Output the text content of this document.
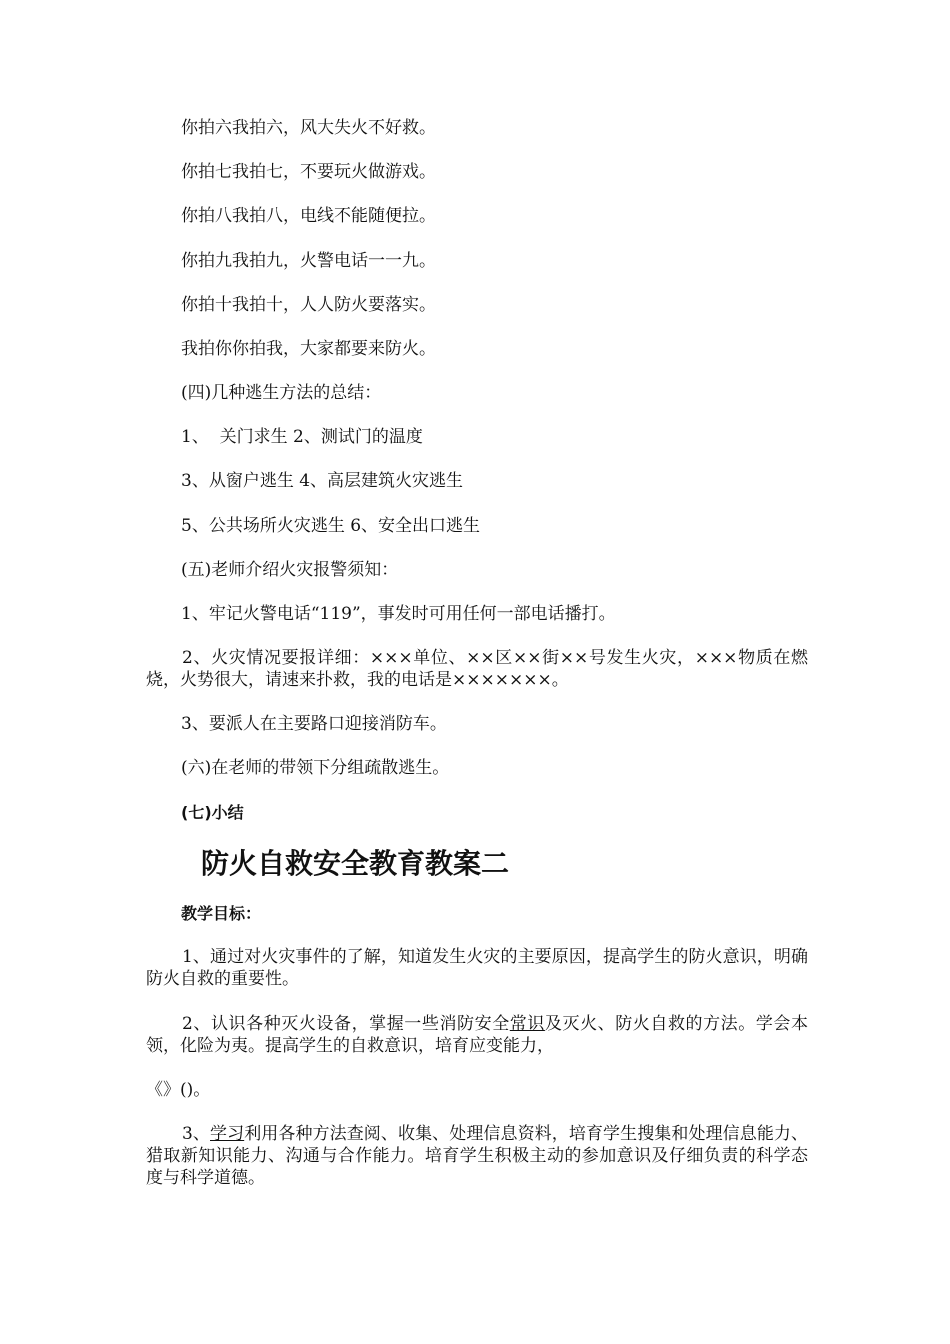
你拍六我拍六，风大失火不好救。
你拍七我拍七，不要玩火做游戏。
你拍八我拍八，电线不能随便拉。
你拍九我拍九，火警电话一一九。
你拍十我拍十，人人防火要落实。
我拍你你拍我，大家都要来防火。
(四)几种逃生方法的总结：
1、  关门求生 2、测试门的温度
3、从窗户逃生 4、高层建筑火灾逃生
5、公共场所火灾逃生 6、安全出口逃生
(五)老师介绍火灾报警须知：
1、牢记火警电话“119”，事发时可用任何一部电话播打。
2、火灾情况要报详细：×××单位、××区××街××号发生火灾，×××物质在燃烧，火势很大，请速来扑救，我的电话是×××××××。
3、要派人在主要路口迎接消防车。
(六)在老师的带领下分组疏散逃生。
(七)小结
防火自救安全教育教案二
教学目标：
1、通过对火灾事件的了解，知道发生火灾的主要原因，提高学生的防火意识，明确防火自救的重要性。
2、认识各种灭火设备，掌握一些消防安全常识及灭火、防火自救的方法。学会本领，化险为夷。提高学生的自救意识，培育应变能力，
《》()。
3、学习利用各种方法查阅、收集、处理信息资料，培育学生搜集和处理信息能力、猎取新知识能力、沟通与合作能力。培育学生积极主动的参加意识及仔细负责的科学态度与科学道德。
